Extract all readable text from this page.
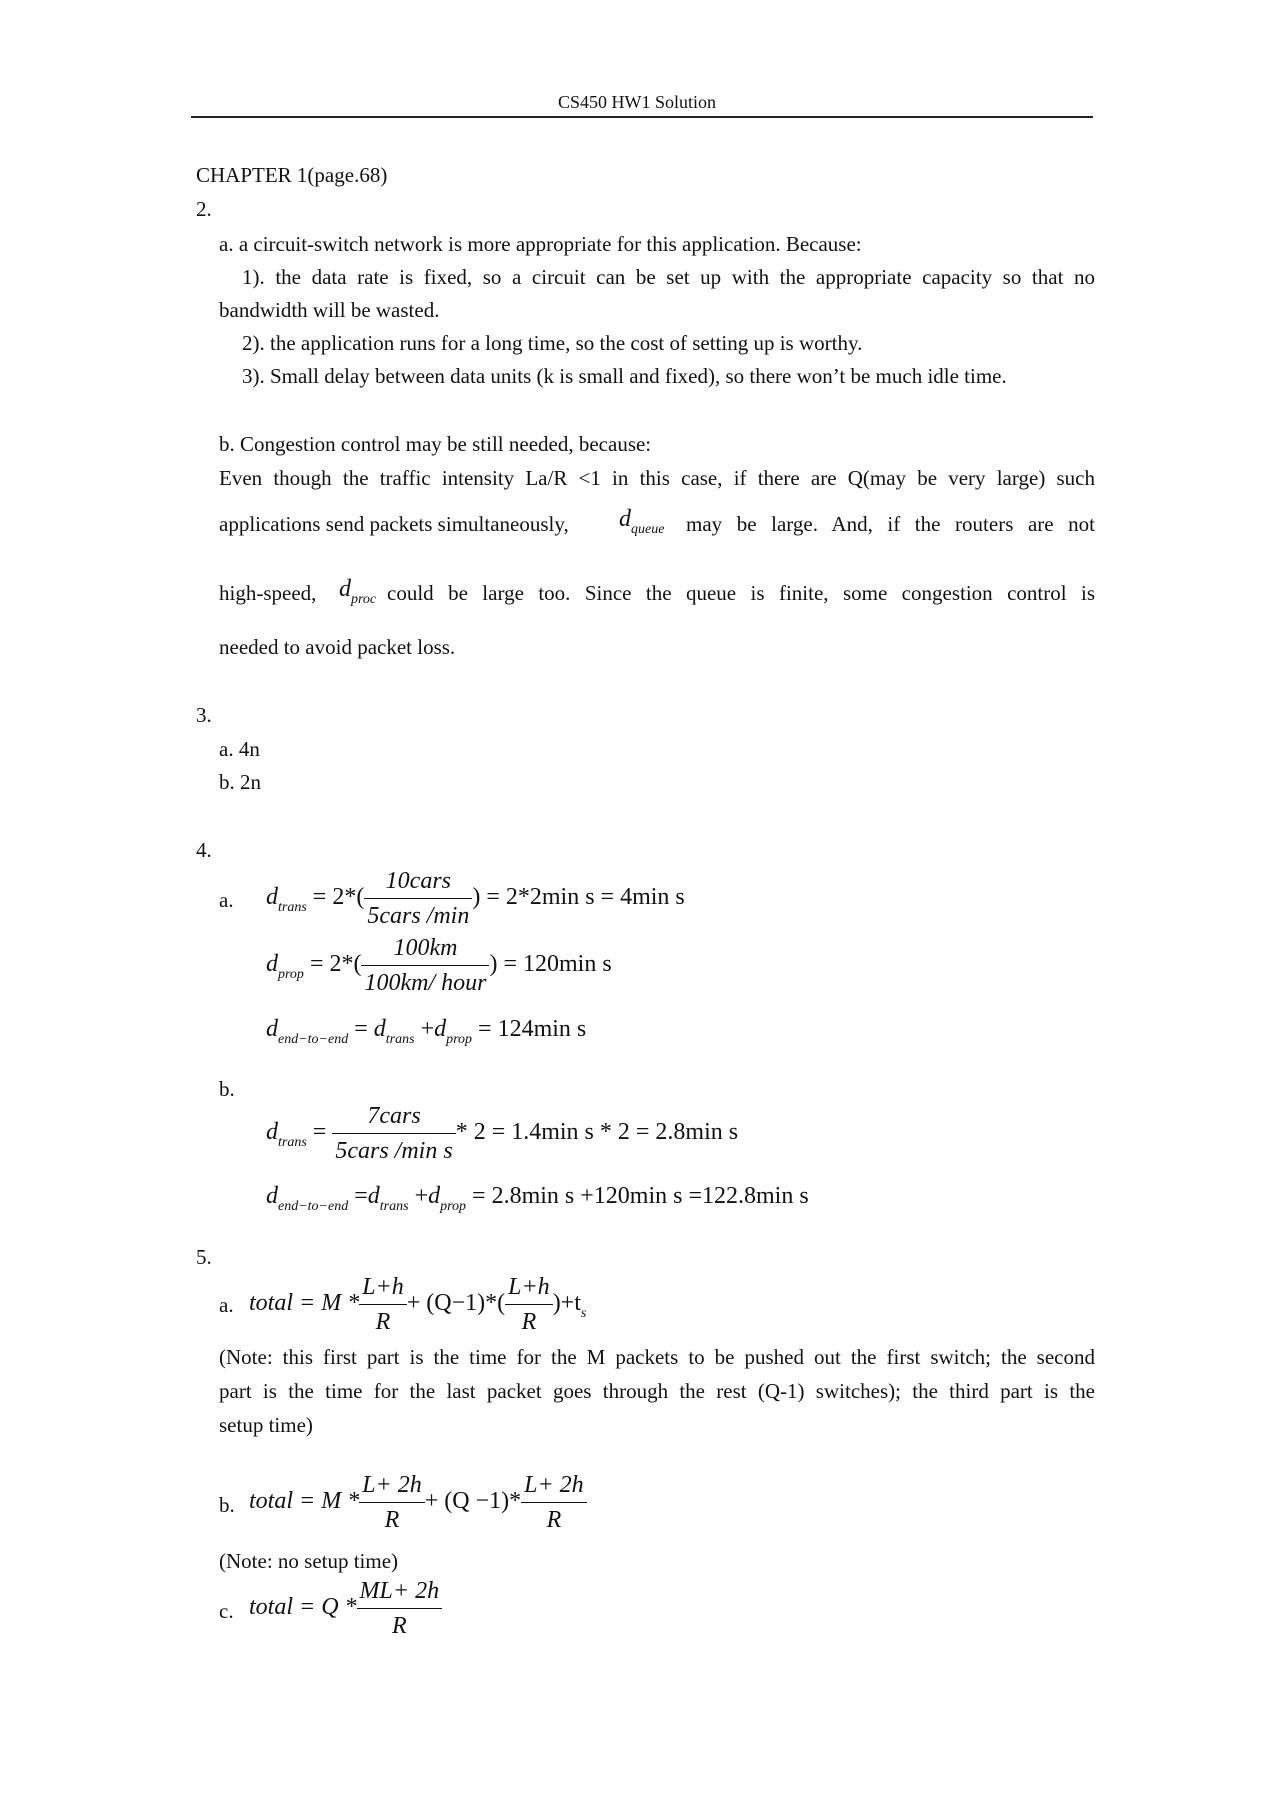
CS450 HW1 Solution
CHAPTER 1(page.68)
2.
a. a circuit-switch network is more appropriate for this application. Because:
1). the data rate is fixed, so a circuit can be set up with the appropriate capacity so that no
bandwidth will be wasted.
2). the application runs for a long time, so the cost of setting up is worthy.
3). Small delay between data units (k is small and fixed), so there won’t be much idle time.
b. Congestion control may be still needed, because:
Even though the traffic intensity La/R <1 in this case, if there are Q(may be very large) such
applications send packets simultaneously, $d_{queue}$ may be large. And, if the routers are not
high-speed, $d_{proc}$ could be large too. Since the queue is finite, some congestion control is
needed to avoid packet loss.
3.
a. 4n
b. 2n
4.
a. $d_{trans} = 2*( \frac{\text{10cars}}{\text{5cars /min}}$ ) = 2*2min s = 4min s
$d_{prop} = 2*( \frac{100km}{\text{100km/ hour}}$ ) = 120min s
$d_{end-to-end} = d_{trans} +d_{prop} = 124\min$ s
b.
$d_{trans} = \frac{\text{7cars}}{\text{5cars /min s}} * 2 = 1.4\min$ s * 2 = 2.8min s
$d_{end-to-end} =d_{trans} +d_{prop} = 2.8\min$ s +120min s =122.8min s
5.
a. total = $M * \frac{L+h}{R} + (Q-1)*( \frac{L+h}{R} )+t_s$
(Note: this first part is the time for the M packets to be pushed out the first switch; the second
part is the time for the last packet goes through the rest (Q-1) switches); the third part is the
setup time)
b. total = $M * \frac{L+ 2h}{R} + (Q -1)* \frac{L+ 2h}{R}$
(Note: no setup time)
c. total = Q * $\frac{ML+ 2h}{R}$
